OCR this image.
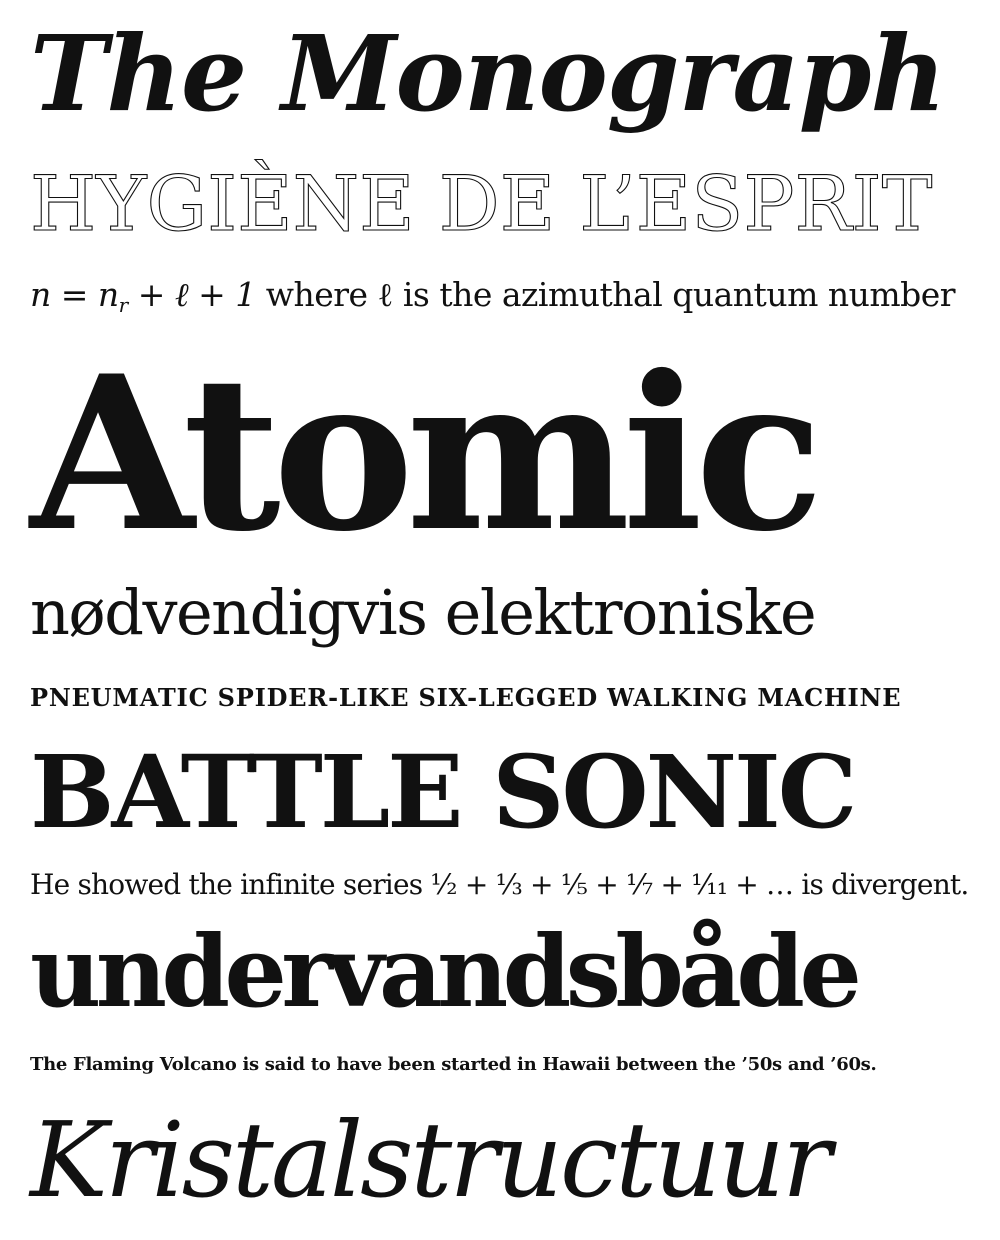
The Monograph
HYGIÈNE DE L’ESPRIT
$n = n_r$ + ℓ + 1 where ℓ is the azimuthal quantum number
Atomic
nødvendigvis elektroniske
PNEUMATIC SPIDER-LIKE SIX-LEGGED WALKING MACHINE
BATTLE SONIC
He showed the infinite series ½ + ⅓ + ⅕ + ⅐ + ⅟₁₁ + … is divergent.
undervandsbåde
The Flaming Volcano is said to have been started in Hawaii between the ’50s and ’60s.
Kristalstructuur
